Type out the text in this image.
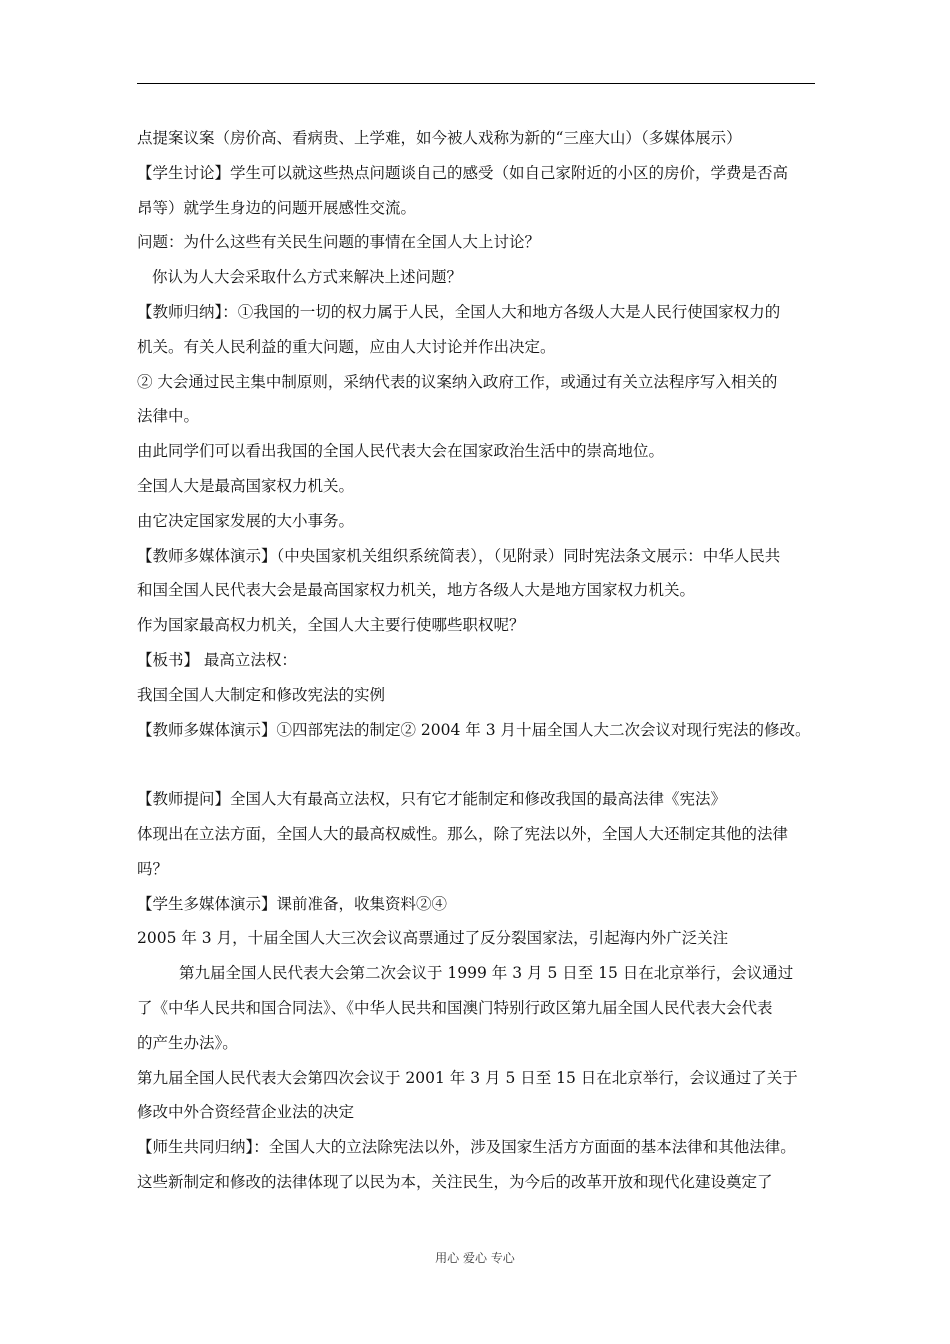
点提案议案（房价高、看病贵、上学难，如今被人戏称为新的“三座大山）（多媒体展示）
【学生讨论】学生可以就这些热点问题谈自己的感受（如自己家附近的小区的房价，学费是否高
昂等）就学生身边的问题开展感性交流。
问题：为什么这些有关民生问题的事情在全国人大上讨论？
你认为人大会采取什么方式来解决上述问题？
【教师归纳】：①我国的一切的权力属于人民，全国人大和地方各级人大是人民行使国家权力的
机关。有关人民利益的重大问题，应由人大讨论并作出决定。
② 大会通过民主集中制原则，采纳代表的议案纳入政府工作，或通过有关立法程序写入相关的
法律中。
由此同学们可以看出我国的全国人民代表大会在国家政治生活中的崇高地位。
全国人大是最高国家权力机关。
由它决定国家发展的大小事务。
【教师多媒体演示】（中央国家机关组织系统简表），（见附录）同时宪法条文展示：中华人民共
和国全国人民代表大会是最高国家权力机关，地方各级人大是地方国家权力机关。
作为国家最高权力机关，全国人大主要行使哪些职权呢？
【板书】 最高立法权：
我国全国人大制定和修改宪法的实例
【教师多媒体演示】①四部宪法的制定② 2004 年 3 月十届全国人大二次会议对现行宪法的修改。
【教师提问】全国人大有最高立法权，只有它才能制定和修改我国的最高法律《宪法》
体现出在立法方面，全国人大的最高权威性。那么，除了宪法以外，全国人大还制定其他的法律
吗？
【学生多媒体演示】课前准备，收集资料②④
2005 年 3 月，十届全国人大三次会议高票通过了反分裂国家法，引起海内外广泛关注
第九届全国人民代表大会第二次会议于 1999 年 3 月 5 日至 15 日在北京举行，会议通过
了《中华人民共和国合同法》、《中华人民共和国澳门特别行政区第九届全国人民代表大会代表
的产生办法》。
第九届全国人民代表大会第四次会议于 2001 年 3 月 5 日至 15 日在北京举行，会议通过了关于
修改中外合资经营企业法的决定
【师生共同归纳】：全国人大的立法除宪法以外，涉及国家生活方方面面的基本法律和其他法律。
这些新制定和修改的法律体现了以民为本，关注民生，为今后的改革开放和现代化建设奠定了
用心 爱心 专心
